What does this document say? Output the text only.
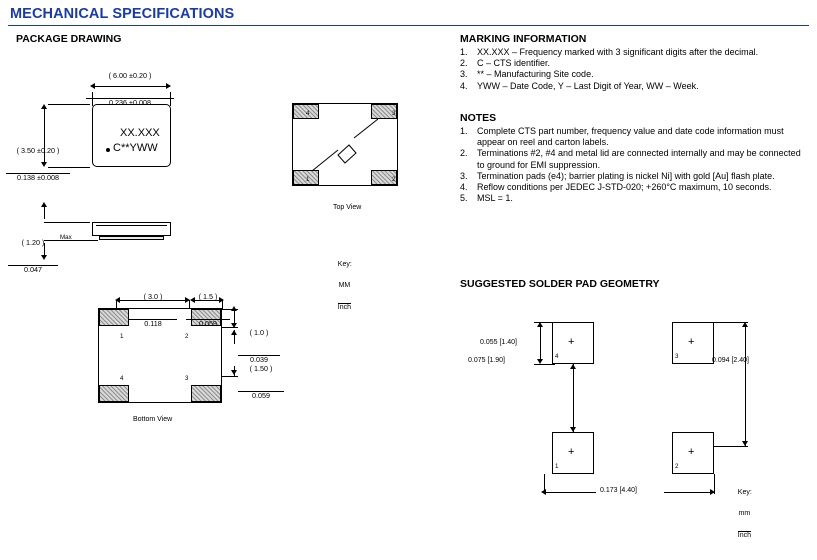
MECHANICAL SPECIFICATIONS
PACKAGE DRAWING

$\frac{( 6.00 \pm 0.20 )}{0.236 \pm 0.008}$

XX.XXX
C**YWW

$\frac{( 3.50 \pm 0.20 )}{0.138 \pm 0.008}$

$\frac{( 1.20 )}{0.047}$

Max
4	3
1	2
Top View

Key:

$\frac{MM}{\text{Inch}}$

1	2
4	3
Bottom View

$\frac{( 3.0 )}{0.118}$

$\frac{( 1.5 )}{0.059}$

$\frac{( 1.0 )}{0.039}$

$\frac{( 1.50 )}{0.059}$

MARKING INFORMATION
1.	XX.XXX – Frequency marked with 3 significant digits after the decimal.
2.	C – CTS identifier.
3.	** – Manufacturing Site code.
4.	YWW – Date Code, Y – Last Digit of Year, WW – Week.
NOTES
1.	Complete CTS part number, frequency value and date code information must appear on reel and carton labels.
2.	Terminations #2, #4 and metal lid are connected internally and may be connected to ground for EMI suppression.
3.	Termination pads (e4); barrier plating is nickel Ni] with gold [Au] flash plate.
4.	Reflow conditions per JEDEC J-STD-020; +260°C maximum, 10 seconds.
5.	MSL = 1.
SUGGESTED SOLDER PAD GEOMETRY
+
4
+
3
+
1
+
2
0.055 [1.40]
0.075 [1.90]	0.094 [2.40]
0.173 [4.40]	Key:

$\frac{mm}{\text{Inch}}$
